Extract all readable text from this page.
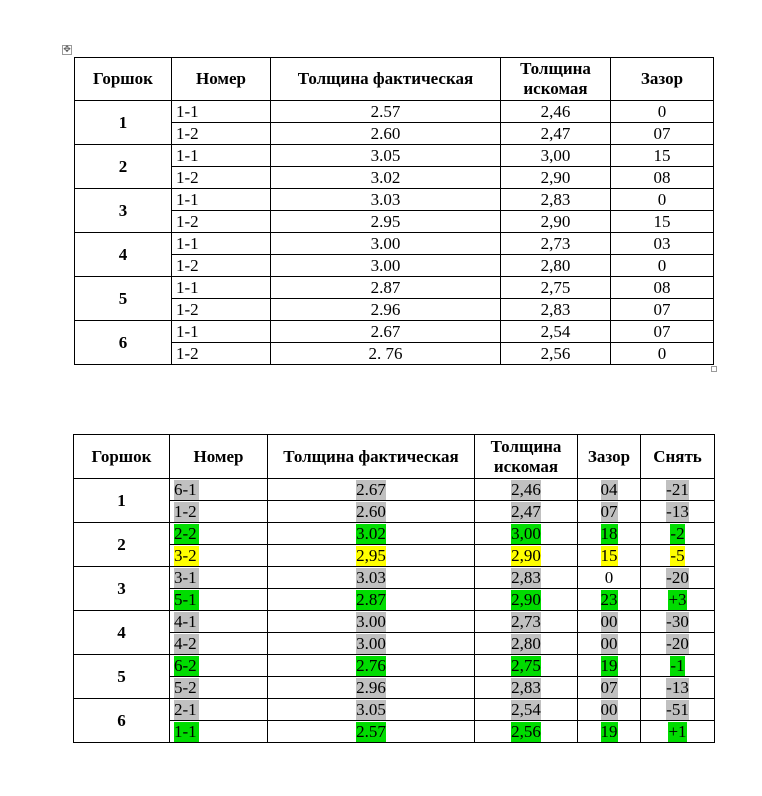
✥
Горшок	Номер	Толщина фактическая	Толщина искомая	Зазор
1	1-1	2.57	2,46	0
	1-2	2.60	2,47	07
2	1-1	3.05	3,00	15
	1-2	3.02	2,90	08
3	1-1	3.03	2,83	0
	1-2	2.95	2,90	15
4	1-1	3.00	2,73	03
	1-2	3.00	2,80	0
5	1-1	2.87	2,75	08
	1-2	2.96	2,83	07
6	1-1	2.67	2,54	07
	1-2	2. 76	2,56	0
Горшок	Номер	Толщина фактическая	Толщина искомая	Зазор	Снять
1	6-1	2.67	2,46	04	-21
	1-2	2.60	2,47	07	-13
2	2-2	3.02	3,00	18	-2
	3-2	2,95	2,90	15	-5
3	3-1	3.03	2,83	0	-20
	5-1	2.87	2,90	23	+3
4	4-1	3.00	2,73	00	-30
	4-2	3.00	2,80	00	-20
5	6-2	2.76	2,75	19	-1
	5-2	2.96	2,83	07	-13
6	2-1	3.05	2,54	00	-51
	1-1	2.57	2,56	19	+1
